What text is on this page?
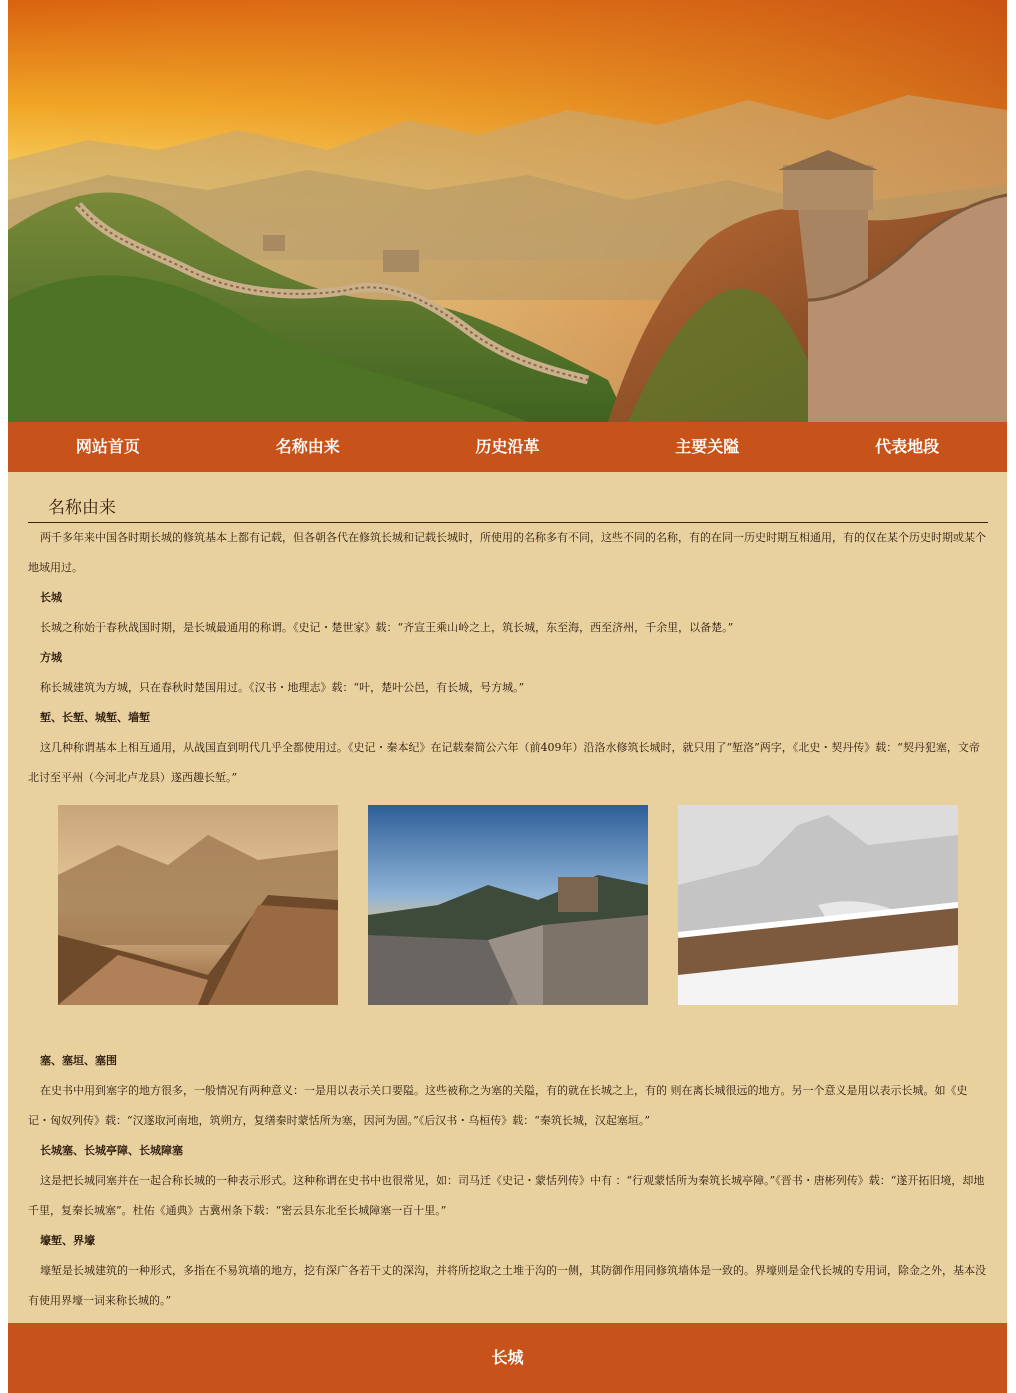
网站首页	名称由来	历史沿革	主要关隘	代表地段
名称由来

两千多年来中国各时期长城的修筑基本上都有记载，但各朝各代在修筑长城和记载长城时，所使用的名称多有不同，这些不同的名称，有的在同一历史时期互相通用，有的仅在某个历史时期或某个地域用过。

长城

长城之称始于春秋战国时期，是长城最通用的称谓。《史记・楚世家》载：“齐宣王乘山岭之上，筑长城，东至海，西至济州，千余里，以备楚。”

方城

称长城建筑为方城，只在春秋时楚国用过。《汉书・地理志》载：“叶，楚叶公邑，有长城，号方城。”

堑、长堑、城堑、墙堑

这几种称谓基本上相互通用，从战国直到明代几乎全都使用过。《史记・秦本纪》在记载秦简公六年（前409年）沿洛水修筑长城时，就只用了“堑洛”两字，《北史・契丹传》载：“契丹犯塞，文帝北讨至平州（今河北卢龙县）遂西趣长堑。”

塞、塞垣、塞围

在史书中用到塞字的地方很多，一般情况有两种意义：一是用以表示关口要隘。这些被称之为塞的关隘，有的就在长城之上，有的 则在离长城很远的地方。另一个意义是用以表示长城。如《史记・匈奴列传》载：“汉遂取河南地，筑朔方，复缮秦时蒙恬所为塞，因河为固。”《后汉书・乌桓传》载：“秦筑长城，汉起塞垣。”

长城塞、长城亭障、长城障塞

这是把长城同塞并在一起合称长城的一种表示形式。这种称谓在史书中也很常见，如：司马迁《史记・蒙恬列传》中有 ：“行观蒙恬所为秦筑长城亭障。”《晋书・唐彬列传》载：“遂开拓旧境，却地千里，复秦长城塞”。杜佑《通典》古冀州条下载：“密云县东北至长城障塞一百十里。”

壕堑、界壕

壕堑是长城建筑的一种形式，多指在不易筑墙的地方，挖有深广各若干丈的深沟，并将所挖取之土堆于沟的一侧，其防御作用同修筑墙体是一致的。界壕则是金代长城的专用词，除金之外，基本没有使用界壕一词来称长城的。”

长城
